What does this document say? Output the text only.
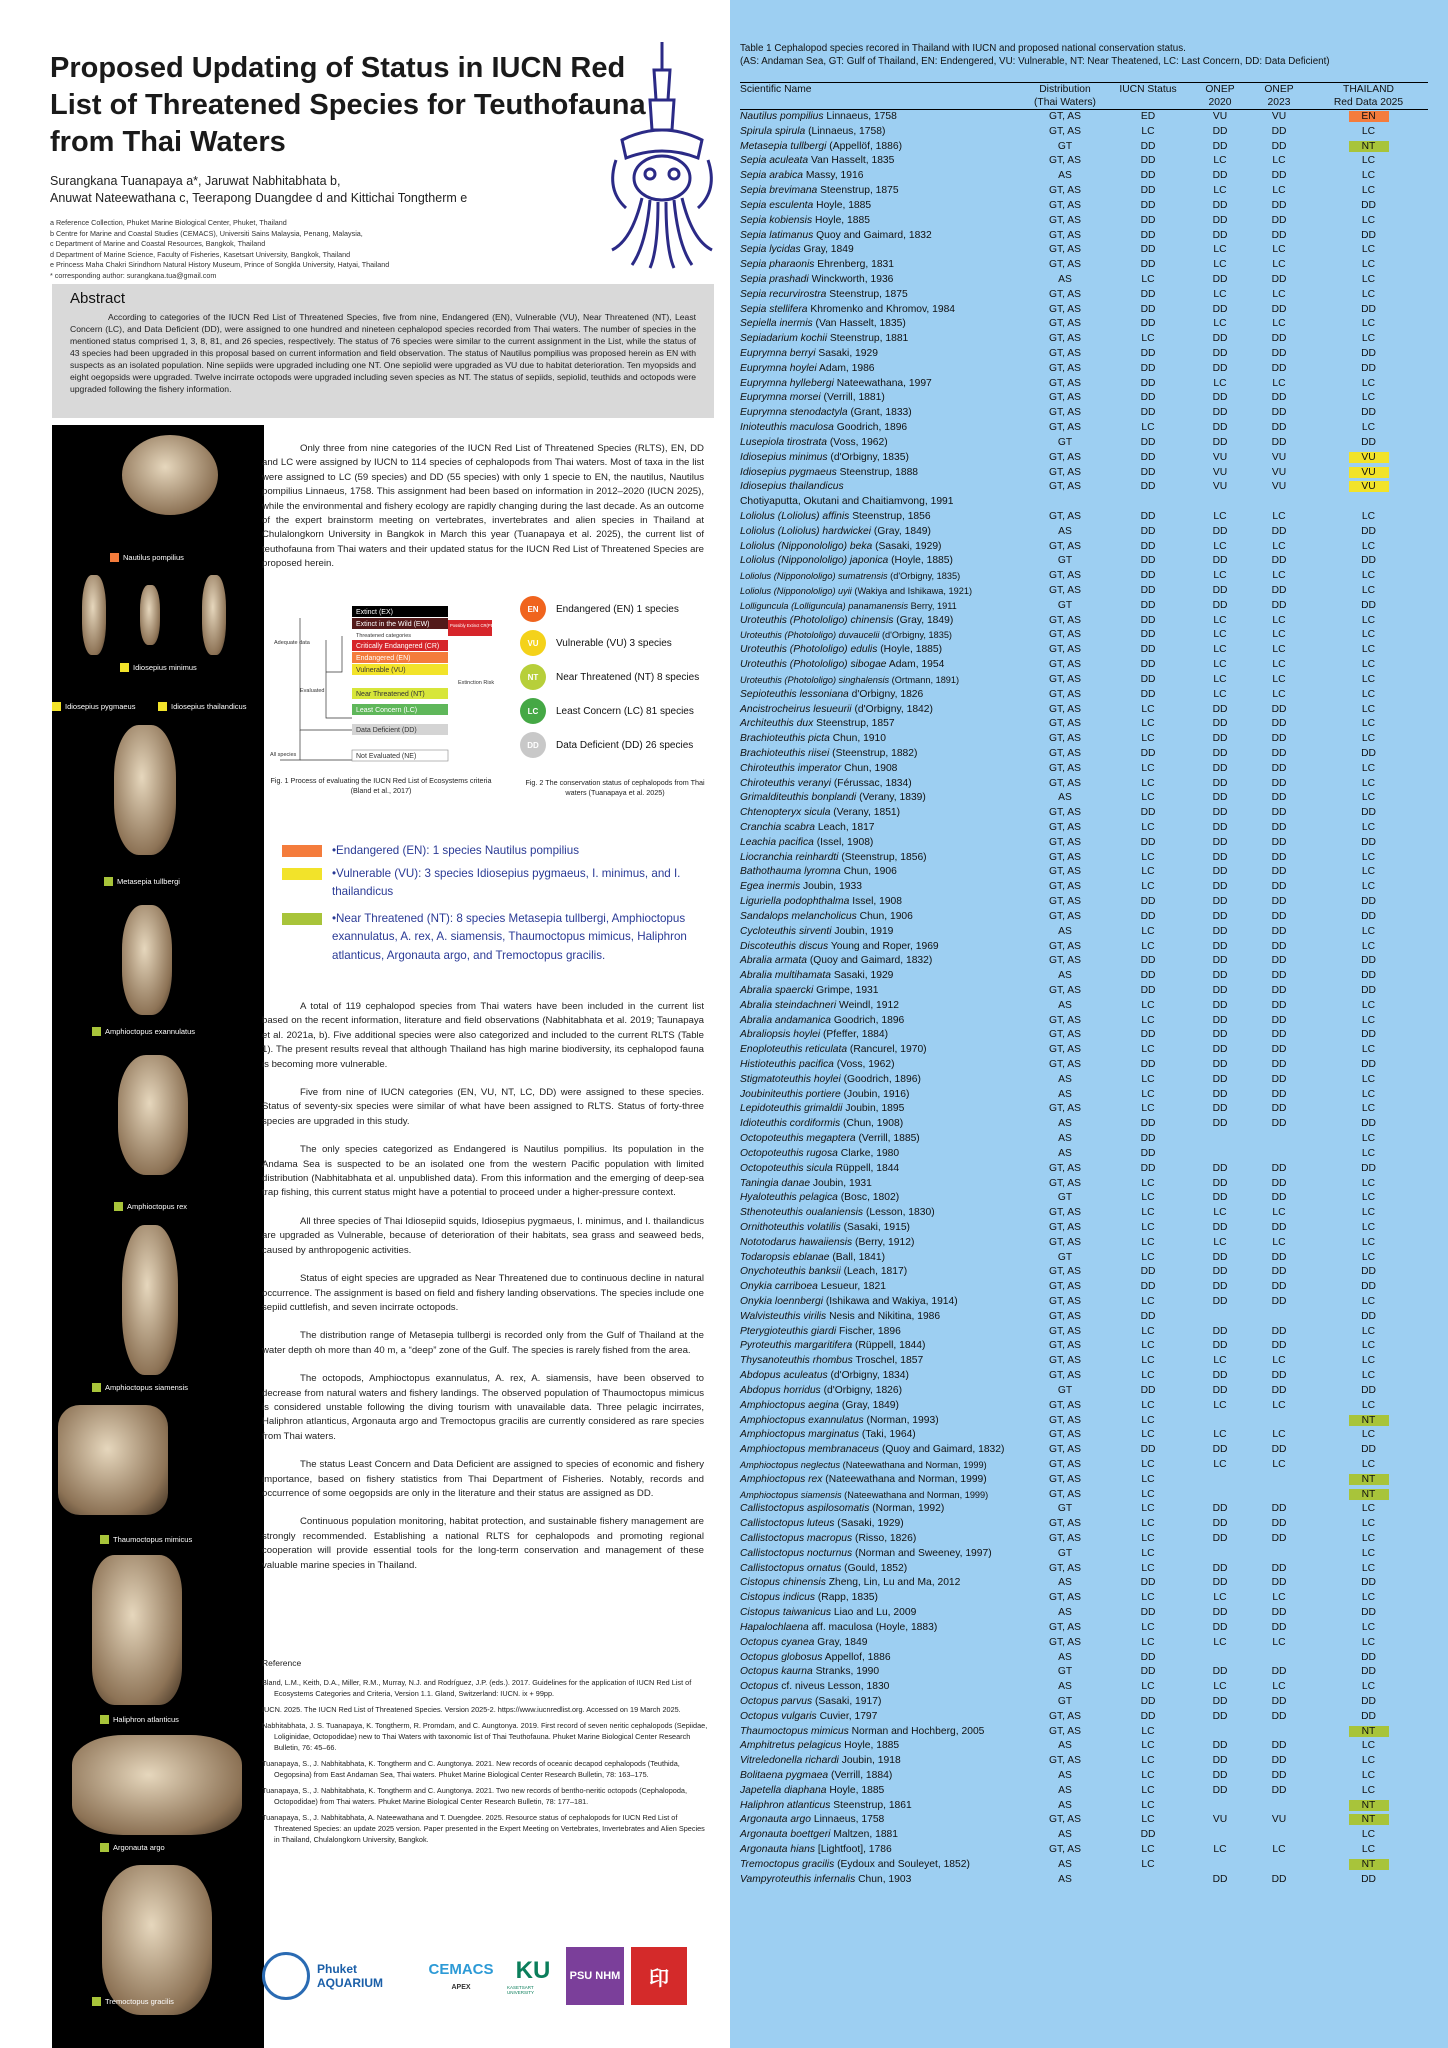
Proposed Updating of Status in IUCN Red List of Threatened Species for Teuthofauna from Thai Waters
Surangkana Tuanapaya a*, Jaruwat Nabhitabhata b,
Anuwat Nateewathana c, Teerapong Duangdee d and Kittichai Tongtherm e
a Reference Collection, Phuket Marine Biological Center, Phuket, Thailand
b Centre for Marine and Coastal Studies (CEMACS), Universiti Sains Malaysia, Penang, Malaysia,
c Department of Marine and Coastal Resources, Bangkok, Thailand
d Department of Marine Science, Faculty of Fisheries, Kasetsart University, Bangkok, Thailand
e Princess Maha Chakri Sirindhorn Natural History Museum, Prince of Songkla University, Hatyai, Thailand
* corresponding author: surangkana.tua@gmail.com
Abstract

According to categories of the IUCN Red List of Threatened Species, five from nine, Endangered (EN), Vulnerable (VU), Near Threatened (NT), Least Concern (LC), and Data Deficient (DD), were assigned to one hundred and nineteen cephalopod species recorded from Thai waters. The number of species in the mentioned status comprised 1, 3, 8, 81, and 26 species, respectively. The status of 76 species were similar to the current assignment in the List, while the status of 43 species had been upgraded in this proposal based on current information and field observation. The status of Nautilus pompilius was proposed herein as EN with suspects as an isolated population. Nine sepiids were upgraded including one NT. One sepiolid were upgraded as VU due to habitat deterioration. Ten myopsids and eight oegopsids were upgraded. Twelve incirrate octopods were upgraded including seven species as NT. The status of sepiids, sepiolid, teuthids and octopods were upgraded following the fishery information.

Nautilus pompilius
Idiosepius minimus
Idiosepius pygmaeus	Idiosepius thailandicus
Metasepia tullbergi
Amphioctopus exannulatus
Amphioctopus rex
Amphioctopus siamensis
Thaumoctopus mimicus
Haliphron atlanticus
Argonauta argo
Tremoctopus gracilis

Only three from nine categories of the IUCN Red List of Threatened Species (RLTS), EN, DD and LC were assigned by IUCN to 114 species of cephalopods from Thai waters. Most of taxa in the list were assigned to LC (59 species) and DD (55 species) with only 1 specie to EN, the nautilus, Nautilus pompilius Linnaeus, 1758. This assignment had been based on information in 2012–2020 (IUCN 2025), while the environmental and fishery ecology are rapidly changing during the last decade. As an outcome of the expert brainstorm meeting on vertebrates, invertebrates and alien species in Thailand at Chulalongkorn University in Bangkok in March this year (Tuanapaya et al. 2025), the current list of teuthofauna from Thai waters and their updated status for the IUCN Red List of Threatened Species are proposed herein.

Extinct (EX)
Extinct in the Wild (EW)
Threatened categories
Critically Endangered (CR)
Endangered (EN)
Vulnerable (VU)
Near Threatened (NT)
Least Concern (LC)
Data Deficient (DD)
Not Evaluated (NE)
Adequate data
Evaluated
All species
Possibly Extinct CR(PE) or CR(PEW)
Extinction Risk
Fig. 1 Process of evaluating the IUCN Red List of Ecosystems criteria (Bland et al., 2017)
EN	Endangered (EN) 1 species
VU	Vulnerable (VU) 3 species
NT	Near Threatened (NT) 8 species
LC	Least Concern (LC) 81 species
DD	Data Deficient (DD) 26 species
Fig. 2 The conservation status of cephalopods from Thai waters (Tuanapaya et al. 2025)
•Endangered (EN): 1 species Nautilus pompilius
•Vulnerable (VU): 3 species Idiosepius pygmaeus, I. minimus, and I. thailandicus
•Near Threatened (NT): 8 species Metasepia tullbergi, Amphioctopus exannulatus, A. rex, A. siamensis, Thaumoctopus mimicus, Haliphron atlanticus, Argonauta argo, and Tremoctopus gracilis.

A total of 119 cephalopod species from Thai waters have been included in the current list based on the recent information, literature and field observations (Nabhitabhata et al. 2019; Taunapaya et al. 2021a, b). Five additional species were also categorized and included to the current RLTS (Table 1). The present results reveal that although Thailand has high marine biodiversity, its cephalopod fauna is becoming more vulnerable.

Five from nine of IUCN categories (EN, VU, NT, LC, DD) were assigned to these species. Status of seventy-six species were similar of what have been assigned to RLTS. Status of forty-three species are upgraded in this study.

The only species categorized as Endangered is Nautilus pompilius. Its population in the Andama Sea is suspected to be an isolated one from the western Pacific population with limited distribution (Nabhitabhata et al. unpublished data). From this information and the emerging of deep-sea trap fishing, this current status might have a potential to proceed under a higher-pressure context.

All three species of Thai Idiosepiid squids, Idiosepius pygmaeus, I. minimus, and I. thailandicus are upgraded as Vulnerable, because of deterioration of their habitats, sea grass and seaweed beds, caused by anthropogenic activities.

Status of eight species are upgraded as Near Threatened due to continuous decline in natural occurrence. The assignment is based on field and fishery landing observations. The species include one sepiid cuttlefish, and seven incirrate octopods.

The distribution range of Metasepia tullbergi is recorded only from the Gulf of Thailand at the water depth oh more than 40 m, a “deep” zone of the Gulf. The species is rarely fished from the area.

The octopods, Amphioctopus exannulatus, A. rex, A. siamensis, have been observed to decrease from natural waters and fishery landings. The observed population of Thaumoctopus mimicus is considered unstable following the diving tourism with unavailable data. Three pelagic incirrates, Haliphron atlanticus, Argonauta argo and Tremoctopus gracilis are currently considered as rare species from Thai waters.

The status Least Concern and Data Deficient are assigned to species of economic and fishery importance, based on fishery statistics from Thai Department of Fisheries. Notably, records and occurrence of some oegopsids are only in the literature and their status are assigned as DD.

Continuous population monitoring, habitat protection, and sustainable fishery management are strongly recommended. Establishing a national RLTS for cephalopods and promoting regional cooperation will provide essential tools for the long-term conservation and management of these valuable marine species in Thailand.

Reference

Bland, L.M., Keith, D.A., Miller, R.M., Murray, N.J. and Rodríguez, J.P. (eds.). 2017. Guidelines for the application of IUCN Red List of Ecosystems Categories and Criteria, Version 1.1. Gland, Switzerland: IUCN. ix + 99pp.

IUCN. 2025. The IUCN Red List of Threatened Species. Version 2025-2. https://www.iucnredlist.org. Accessed on 19 March 2025.

Nabhitabhata, J. S. Tuanapaya, K. Tongtherm, R. Promdam, and C. Aungtonya. 2019. First record of seven neritic cephalopods (Sepiidae, Loliginidae, Octopodidae) new to Thai Waters with taxonomic list of Thai Teuthofauna. Phuket Marine Biological Center Research Bulletin, 76: 45–66.

Tuanapaya, S., J. Nabhitabhata, K. Tongtherm and C. Aungtonya. 2021. New records of oceanic decapod cephalopods (Teuthida, Oegopsina) from East Andaman Sea, Thai waters. Phuket Marine Biological Center Research Bulletin, 78: 163–175.

Tuanapaya, S., J. Nabhitabhata, K. Tongtherm and C. Aungtonya. 2021. Two new records of bentho-neritic octopods (Cephalopoda, Octopodidae) from Thai waters. Phuket Marine Biological Center Research Bulletin, 78: 177–181.

Tuanapaya, S., J. Nabhitabhata, A. Nateewathana and T. Duengdee. 2025. Resource status of cephalopods for IUCN Red List of Threatened Species: an update 2025 version. Paper presented in the Expert Meeting on Vertebrates, Invertebrates and Alien Species in Thailand, Chulalongkorn University, Bangkok.

Phuket AQUARIUM
CEMACS
APEX
KU
KASETSART UNIVERSITY
PSU NHM	印
Table 1 Cephalopod species recored in Thailand with IUCN and proposed national conservation status.
(AS: Andaman Sea, GT: Gulf of Thailand, EN: Endengered, VU: Vulnerable, NT: Near Theatened, LC: Last Concern, DD: Data Deficient)
Scientific Name	Distribution	IUCN Status	ONEP	ONEP	THAILAND
	(Thai Waters)		2020	2023	Red Data 2025
Nautilus pompilius Linnaeus, 1758	GT, AS	ED	VU	VU	EN
Spirula spirula (Linnaeus, 1758)	GT, AS	LC	DD	DD	LC
Metasepia tullbergi (Appellöf, 1886)	GT	DD	DD	DD	NT
Sepia aculeata Van Hasselt, 1835	GT, AS	DD	LC	LC	LC
Sepia arabica Massy, 1916	AS	DD	DD	DD	LC
Sepia brevimana Steenstrup, 1875	GT, AS	DD	LC	LC	LC
Sepia esculenta Hoyle, 1885	GT, AS	DD	DD	DD	DD
Sepia kobiensis Hoyle, 1885	GT, AS	DD	DD	DD	LC
Sepia latimanus Quoy and Gaimard, 1832	GT, AS	DD	DD	DD	DD
Sepia lycidas Gray, 1849	GT, AS	DD	LC	LC	LC
Sepia pharaonis Ehrenberg, 1831	GT, AS	DD	LC	LC	LC
Sepia prashadi Winckworth, 1936	AS	LC	DD	DD	LC
Sepia recurvirostra Steenstrup, 1875	GT, AS	DD	LC	LC	LC
Sepia stellifera Khromenko and Khromov, 1984	GT, AS	DD	DD	DD	DD
Sepiella inermis (Van Hasselt, 1835)	GT, AS	DD	LC	LC	LC
Sepiadarium kochii Steenstrup, 1881	GT, AS	LC	DD	DD	LC
Euprymna berryi Sasaki, 1929	GT, AS	DD	DD	DD	DD
Euprymna hoylei Adam, 1986	GT, AS	DD	DD	DD	DD
Euprymna hyllebergi Nateewathana, 1997	GT, AS	DD	LC	LC	LC
Euprymna morsei (Verrill, 1881)	GT, AS	DD	DD	DD	LC
Euprymna stenodactyla (Grant, 1833)	GT, AS	DD	DD	DD	DD
Inioteuthis maculosa Goodrich, 1896	GT, AS	LC	DD	DD	LC
Lusepiola tirostrata (Voss, 1962)	GT	DD	DD	DD	DD
Idiosepius minimus (d'Orbigny, 1835)	GT, AS	DD	VU	VU	VU
Idiosepius pygmaeus Steenstrup, 1888	GT, AS	DD	VU	VU	VU
Idiosepius thailandicus	GT, AS	DD	VU	VU	VU
Chotiyaputta, Okutani and Chaitiamvong, 1991					
Loliolus (Loliolus) affinis Steenstrup, 1856	GT, AS	DD	LC	LC	LC
Loliolus (Loliolus) hardwickei (Gray, 1849)	AS	DD	DD	DD	DD
Loliolus (Nipponololigo) beka (Sasaki, 1929)	GT, AS	DD	LC	LC	LC
Loliolus (Nipponololigo) japonica (Hoyle, 1885)	GT	DD	DD	DD	DD
Loliolus (Nipponololigo) sumatrensis (d'Orbigny, 1835)	GT, AS	DD	LC	LC	LC
Loliolus (Nipponololigo) uyii (Wakiya and Ishikawa, 1921)	GT, AS	DD	DD	DD	LC
Lolliguncula (Lolliguncula) panamanensis Berry, 1911	GT	DD	DD	DD	DD
Uroteuthis (Photololigo) chinensis (Gray, 1849)	GT, AS	DD	LC	LC	LC
Uroteuthis (Photololigo) duvaucelii (d'Orbigny, 1835)	GT, AS	DD	LC	LC	LC
Uroteuthis (Photololigo) edulis (Hoyle, 1885)	GT, AS	DD	LC	LC	LC
Uroteuthis (Photololigo) sibogae Adam, 1954	GT, AS	DD	LC	LC	LC
Uroteuthis (Photololigo) singhalensis (Ortmann, 1891)	GT, AS	DD	LC	LC	LC
Sepioteuthis lessoniana d'Orbigny, 1826	GT, AS	DD	LC	LC	LC
Ancistrocheirus lesueurii (d'Orbigny, 1842)	GT, AS	LC	DD	DD	LC
Architeuthis dux Steenstrup, 1857	GT, AS	LC	DD	DD	LC
Brachioteuthis picta Chun, 1910	GT, AS	LC	DD	DD	LC
Brachioteuthis riisei (Steenstrup, 1882)	GT, AS	DD	DD	DD	DD
Chiroteuthis imperator Chun, 1908	GT, AS	LC	DD	DD	LC
Chiroteuthis veranyi (Férussac, 1834)	GT, AS	LC	DD	DD	LC
Grimalditeuthis bonplandi (Verany, 1839)	AS	LC	DD	DD	LC
Chtenopteryx sicula (Verany, 1851)	GT, AS	DD	DD	DD	DD
Cranchia scabra Leach, 1817	GT, AS	LC	DD	DD	LC
Leachia pacifica (Issel, 1908)	GT, AS	DD	DD	DD	DD
Liocranchia reinhardti (Steenstrup, 1856)	GT, AS	LC	DD	DD	LC
Bathothauma lyromna Chun, 1906	GT, AS	LC	DD	DD	LC
Egea inermis Joubin, 1933	GT, AS	LC	DD	DD	LC
Liguriella podophthalma Issel, 1908	GT, AS	DD	DD	DD	DD
Sandalops melancholicus Chun, 1906	GT, AS	DD	DD	DD	DD
Cycloteuthis sirventi Joubin, 1919	AS	LC	DD	DD	LC
Discoteuthis discus Young and Roper, 1969	GT, AS	LC	DD	DD	LC
Abralia armata (Quoy and Gaimard, 1832)	GT, AS	DD	DD	DD	DD
Abralia multihamata Sasaki, 1929	AS	DD	DD	DD	DD
Abralia spaercki Grimpe, 1931	GT, AS	DD	DD	DD	DD
Abralia steindachneri Weindl, 1912	AS	LC	DD	DD	LC
Abralia andamanica Goodrich, 1896	GT, AS	LC	DD	DD	LC
Abraliopsis hoylei (Pfeffer, 1884)	GT, AS	DD	DD	DD	DD
Enoploteuthis reticulata (Rancurel, 1970)	GT, AS	LC	DD	DD	LC
Histioteuthis pacifica (Voss, 1962)	GT, AS	DD	DD	DD	DD
Stigmatoteuthis hoylei (Goodrich, 1896)	AS	LC	DD	DD	LC
Joubiniteuthis portiere (Joubin, 1916)	AS	LC	DD	DD	LC
Lepidoteuthis grimaldii Joubin, 1895	GT, AS	LC	DD	DD	LC
Idioteuthis cordiformis (Chun, 1908)	AS	DD	DD	DD	DD
Octopoteuthis megaptera (Verrill, 1885)	AS	DD			LC
Octopoteuthis rugosa Clarke, 1980	AS	DD			LC
Octopoteuthis sicula Rüppell, 1844	GT, AS	DD	DD	DD	DD
Taningia danae Joubin, 1931	GT, AS	LC	DD	DD	LC
Hyaloteuthis pelagica (Bosc, 1802)	GT	LC	DD	DD	LC
Sthenoteuthis oualaniensis (Lesson, 1830)	GT, AS	LC	LC	LC	LC
Ornithoteuthis volatilis (Sasaki, 1915)	GT, AS	LC	DD	DD	LC
Nototodarus hawaiiensis (Berry, 1912)	GT, AS	LC	LC	LC	LC
Todaropsis eblanae (Ball, 1841)	GT	LC	DD	DD	LC
Onychoteuthis banksii (Leach, 1817)	GT, AS	DD	DD	DD	DD
Onykia carriboea Lesueur, 1821	GT, AS	DD	DD	DD	DD
Onykia loennbergi (Ishikawa and Wakiya, 1914)	GT, AS	LC	DD	DD	LC
Walvisteuthis virilis Nesis and Nikitina, 1986	GT, AS	DD			DD
Pterygioteuthis giardi Fischer, 1896	GT, AS	LC	DD	DD	LC
Pyroteuthis margaritifera (Rüppell, 1844)	GT, AS	LC	DD	DD	LC
Thysanoteuthis rhombus Troschel, 1857	GT, AS	LC	LC	LC	LC
Abdopus aculeatus (d'Orbigny, 1834)	GT, AS	LC	DD	DD	LC
Abdopus horridus (d'Orbigny, 1826)	GT	DD	DD	DD	DD
Amphioctopus aegina (Gray, 1849)	GT, AS	LC	LC	LC	LC
Amphioctopus exannulatus (Norman, 1993)	GT, AS	LC			NT
Amphioctopus marginatus (Taki, 1964)	GT, AS	LC	LC	LC	LC
Amphioctopus membranaceus (Quoy and Gaimard, 1832)	GT, AS	DD	DD	DD	DD
Amphioctopus neglectus (Nateewathana and Norman, 1999)	GT, AS	LC	LC	LC	LC
Amphioctopus rex (Nateewathana and Norman, 1999)	GT, AS	LC			NT
Amphioctopus siamensis (Nateewathana and Norman, 1999)	GT, AS	LC			NT
Callistoctopus aspilosomatis (Norman, 1992)	GT	LC	DD	DD	LC
Callistoctopus luteus (Sasaki, 1929)	GT, AS	LC	DD	DD	LC
Callistoctopus macropus (Risso, 1826)	GT, AS	LC	DD	DD	LC
Callistoctopus nocturnus (Norman and Sweeney, 1997)	GT	LC			LC
Callistoctopus ornatus (Gould, 1852)	GT, AS	LC	DD	DD	LC
Cistopus chinensis Zheng, Lin, Lu and Ma, 2012	AS	DD	DD	DD	DD
Cistopus indicus (Rapp, 1835)	GT, AS	LC	LC	LC	LC
Cistopus taiwanicus Liao and Lu, 2009	AS	DD	DD	DD	DD
Hapalochlaena aff. maculosa (Hoyle, 1883)	GT, AS	LC	DD	DD	LC
Octopus cyanea Gray, 1849	GT, AS	LC	LC	LC	LC
Octopus globosus Appellof, 1886	AS	DD			DD
Octopus kaurna Stranks, 1990	GT	DD	DD	DD	DD
Octopus cf. niveus Lesson, 1830	AS	LC	LC	LC	LC
Octopus parvus (Sasaki, 1917)	GT	DD	DD	DD	DD
Octopus vulgaris Cuvier, 1797	GT, AS	DD	DD	DD	DD
Thaumoctopus mimicus Norman and Hochberg, 2005	GT, AS	LC			NT
Amphitretus pelagicus Hoyle, 1885	AS	LC	DD	DD	LC
Vitreledonella richardi Joubin, 1918	GT, AS	LC	DD	DD	LC
Bolitaena pygmaea (Verrill, 1884)	AS	LC	DD	DD	LC
Japetella diaphana Hoyle, 1885	AS	LC	DD	DD	LC
Haliphron atlanticus Steenstrup, 1861	AS	LC			NT
Argonauta argo Linnaeus, 1758	GT, AS	LC	VU	VU	NT
Argonauta boettgeri Maltzen, 1881	AS	DD			LC
Argonauta hians [Lightfoot], 1786	GT, AS	LC	LC	LC	LC
Tremoctopus gracilis (Eydoux and Souleyet, 1852)	AS	LC			NT
Vampyroteuthis infernalis Chun, 1903	AS		DD	DD	DD
